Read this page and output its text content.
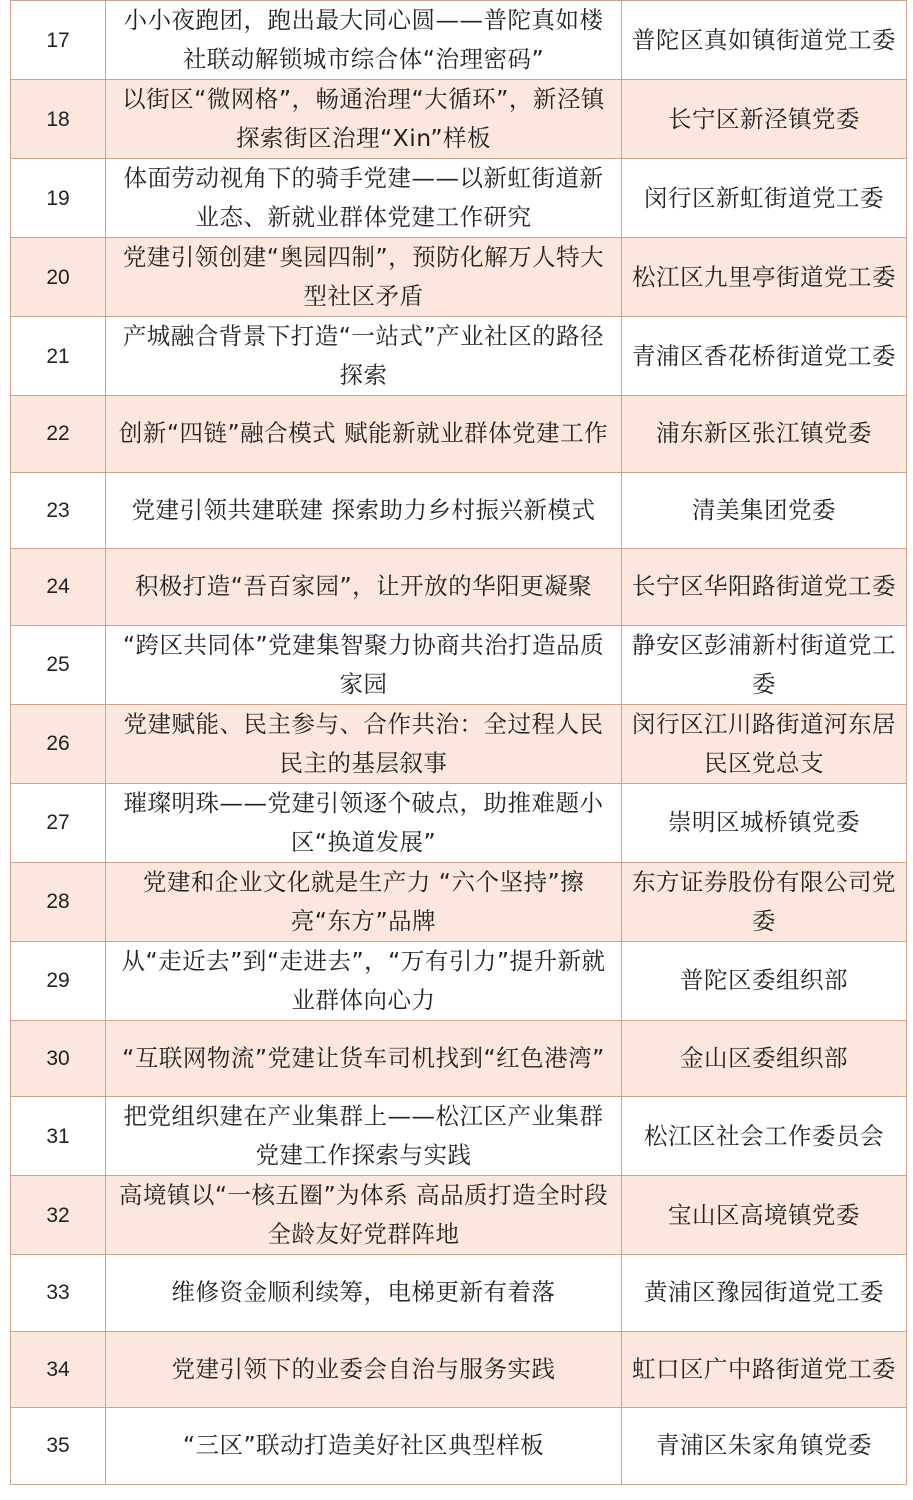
17	小小夜跑团，跑出最大同心圆——普陀真如楼社联动解锁城市综合体“治理密码”	普陀区真如镇街道党工委
18	以街区“微网格”，畅通治理“大循环”，新泾镇探索街区治理“Xin”样板	长宁区新泾镇党委
19	体面劳动视角下的骑手党建——以新虹街道新业态、新就业群体党建工作研究	闵行区新虹街道党工委
20	党建引领创建“奥园四制”，预防化解万人特大型社区矛盾	松江区九里亭街道党工委
21	产城融合背景下打造“一站式”产业社区的路径探索	青浦区香花桥街道党工委
22	创新“四链”融合模式 赋能新就业群体党建工作	浦东新区张江镇党委
23	党建引领共建联建 探索助力乡村振兴新模式	清美集团党委
24	积极打造“吾百家园”，让开放的华阳更凝聚	长宁区华阳路街道党工委
25	“跨区共同体”党建集智聚力协商共治打造品质家园	静安区彭浦新村街道党工委
26	党建赋能、民主参与、合作共治：全过程人民民主的基层叙事	闵行区江川路街道河东居民区党总支
27	璀璨明珠——党建引领逐个破点，助推难题小区“换道发展”	崇明区城桥镇党委
28	党建和企业文化就是生产力 “六个坚持”擦亮“东方”品牌	东方证券股份有限公司党委
29	从“走近去”到“走进去”，“万有引力”提升新就业群体向心力	普陀区委组织部
30	“互联网物流”党建让货车司机找到“红色港湾”	金山区委组织部
31	把党组织建在产业集群上——松江区产业集群党建工作探索与实践	松江区社会工作委员会
32	高境镇以“一核五圈”为体系 高品质打造全时段全龄友好党群阵地	宝山区高境镇党委
33	维修资金顺利续筹，电梯更新有着落	黄浦区豫园街道党工委
34	党建引领下的业委会自治与服务实践	虹口区广中路街道党工委
35	“三区”联动打造美好社区典型样板	青浦区朱家角镇党委
